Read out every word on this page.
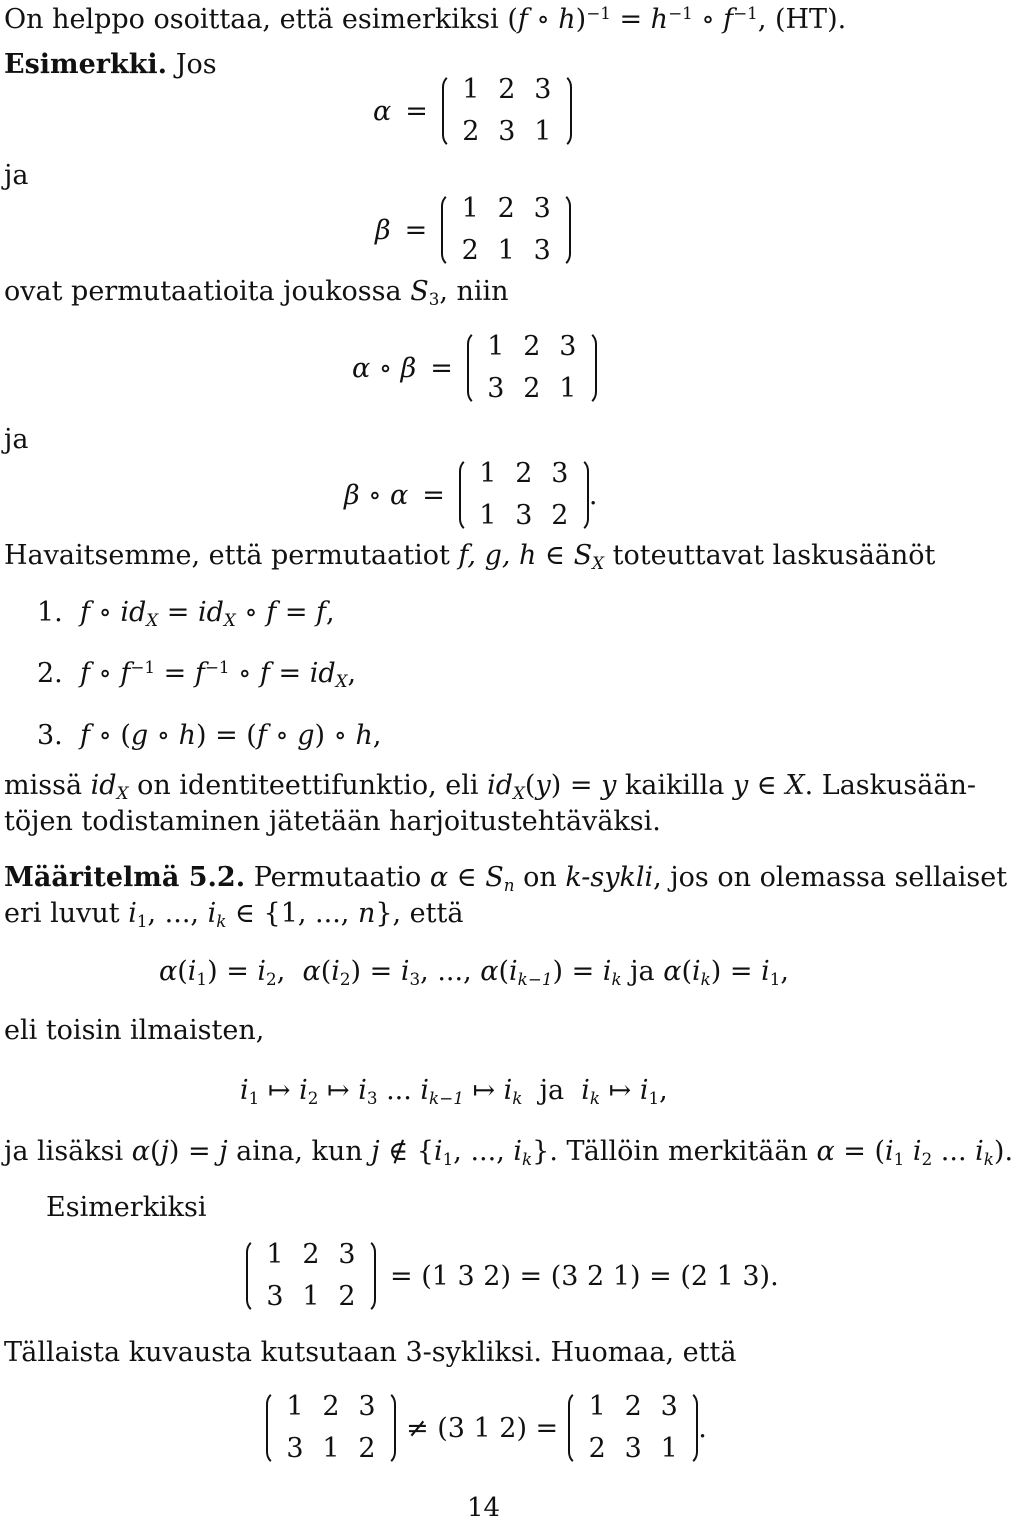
On helppo osoittaa, että esimerkiksi (f ∘ $h)^{-1} = h^{-1}$ ∘ $f^{-1}$, (HT).
Esimerkki. Jos
α =
1 2 3
2 3 1
ja
β =
1 2 3
2 1 3
ovat permutaatioita joukossa $S_3$, niin
α ∘ β =
1 2 3
3 2 1
ja
β ∘ α =
1 2 3
1 3 2
.
Havaitsemme, että permutaatiot f, g, h ∈ $S_X$ toteuttavat laskusäänöt
1.  f ∘ $id_X = id_X$ ∘ f = f,
2.  f ∘ $f^{-1} = f^{-1}$ ∘ $f = id_X$,
3.  f ∘ (g ∘ h) = (f ∘ g) ∘ h,
missä $id_X$ on identiteettifunktio, eli $id_X(y) = y$ kaikilla y ∈ X. Laskusään-
töjen todistaminen jätetään harjoitustehtäväksi.
Määritelmä 5.2. Permutaatio α ∈ $S_n$ on k-sykli, jos on olemassa sellaiset
eri luvut $i_1$, ..., $i_k$ ∈ {1, ..., n}, että
$\alpha(i_1) = i_2$,  $\alpha(i_2) = i_3$, ..., $\alpha(i_{k-1}) = i_k$ ja $\alpha(i_k) = i_1$,
eli toisin ilmaisten,
$i_1$ ↦ $i_2$ ↦ $i_3$ ... $i_{k-1}$ ↦ $i_k$  ja  $i_k$ ↦ $i_1$,
ja lisäksi α(j) = j aina, kun j ∉ {$i_1$, ..., $i_k$}. Tällöin merkitään $\alpha = (i_1$ $i_2$ ... $i_k$).
Esimerkiksi
1 2 3
3 1 2
= (1 3 2) = (3 2 1) = (2 1 3).
Tällaista kuvausta kutsutaan 3-sykliksi. Huomaa, että
1 2 3
3 1 2
≠ (3 1 2) =
1 2 3
2 3 1
.
14
